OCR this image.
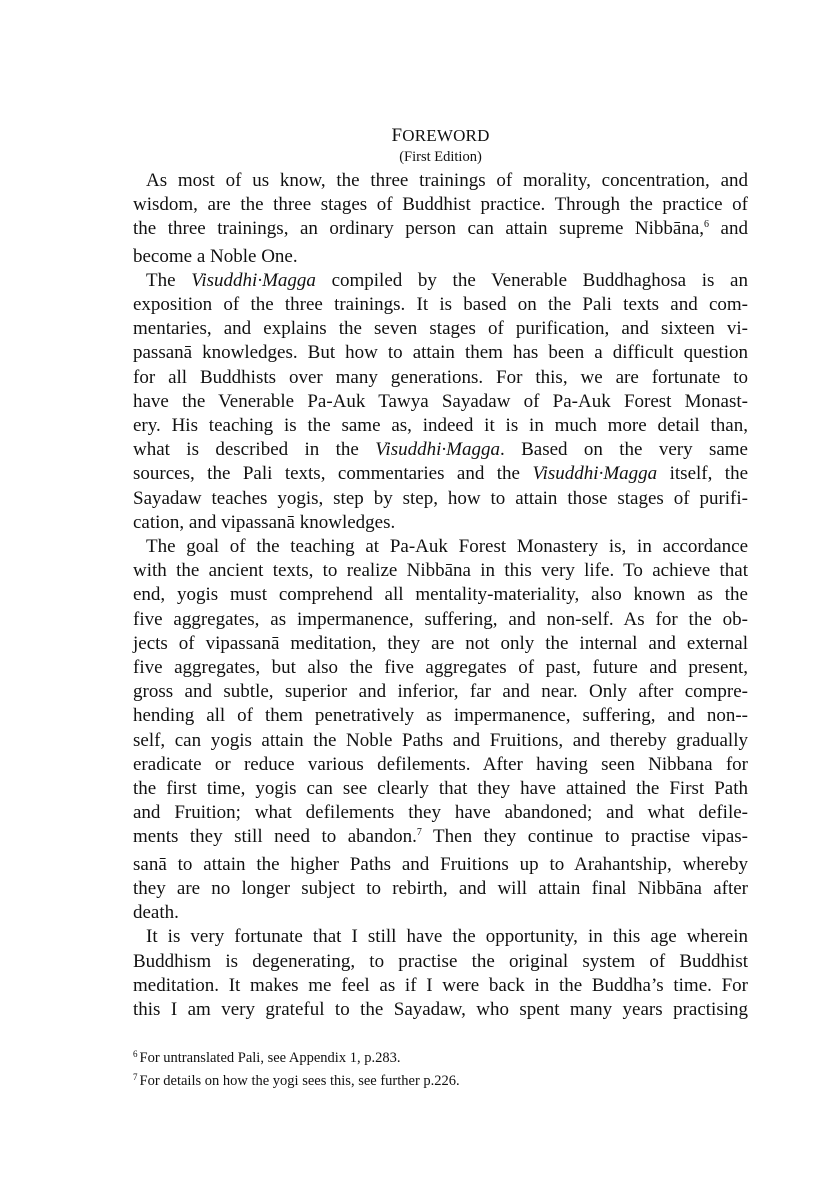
FOREWORD
(First Edition)
As most of us know, the three trainings of morality, concentration, and
wisdom, are the three stages of Buddhist practice. Through the practice of
the three trainings, an ordinary person can attain supreme Nibbāna,$^6$ and
become a Noble One.
The Visuddhi·Magga compiled by the Venerable Buddhaghosa is an
exposition of the three trainings. It is based on the Pali texts and com-
mentaries, and explains the seven stages of purification, and sixteen vi-
passanā knowledges. But how to attain them has been a difficult question
for all Buddhists over many generations. For this, we are fortunate to
have the Venerable Pa-Auk Tawya Sayadaw of Pa-Auk Forest Monast-
ery. His teaching is the same as, indeed it is in much more detail than,
what is described in the Visuddhi·Magga. Based on the very same
sources, the Pali texts, commentaries and the Visuddhi·Magga itself, the
Sayadaw teaches yogis, step by step, how to attain those stages of purifi-
cation, and vipassanā knowledges.
The goal of the teaching at Pa-Auk Forest Monastery is, in accordance
with the ancient texts, to realize Nibbāna in this very life. To achieve that
end, yogis must comprehend all mentality-materiality, also known as the
five aggregates, as impermanence, suffering, and non-self. As for the ob-
jects of vipassanā meditation, they are not only the internal and external
five aggregates, but also the five aggregates of past, future and present,
gross and subtle, superior and inferior, far and near. Only after compre-
hending all of them penetratively as impermanence, suffering, and non--
self, can yogis attain the Noble Paths and Fruitions, and thereby gradually
eradicate or reduce various defilements. After having seen Nibbana for
the first time, yogis can see clearly that they have attained the First Path
and Fruition; what defilements they have abandoned; and what defile-
ments they still need to abandon.$^7$ Then they continue to practise vipas-
sanā to attain the higher Paths and Fruitions up to Arahantship, whereby
they are no longer subject to rebirth, and will attain final Nibbāna after
death.
It is very fortunate that I still have the opportunity, in this age wherein
Buddhism is degenerating, to practise the original system of Buddhist
meditation. It makes me feel as if I were back in the Buddha’s time. For
this I am very grateful to the Sayadaw, who spent many years practising
$^6$ For untranslated Pali, see Appendix 1, p.283.
$^7$ For details on how the yogi sees this, see further p.226.
